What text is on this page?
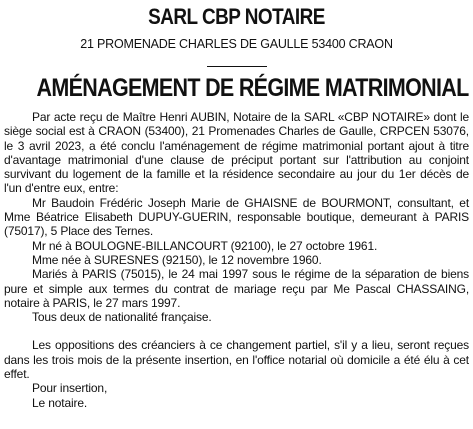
SARL CBP NOTAIRE
21 PROMENADE CHARLES DE GAULLE 53400 CRAON
AMÉNAGEMENT DE RÉGIME MATRIMONIAL

Par acte reçu de Maître Henri AUBIN, Notaire de la SARL «CBP NOTAIRE» dont le siège social est à CRAON (53400), 21 Promenades Charles de Gaulle, CRPCEN 53076, le 3 avril 2023, a été conclu l'aménagement de régime matrimonial portant ajout à titre d'avantage matrimonial d'une clause de préciput portant sur l'attribution au conjoint survivant du logement de la famille et la résidence secondaire au jour du 1er décès de l'un d'entre eux, entre:

Mr Baudoin Frédéric Joseph Marie de GHAISNE de BOURMONT, consultant, et Mme Béatrice Elisabeth DUPUY-GUERIN, responsable boutique, demeurant à PARIS (75017), 5 Place des Ternes.

Mr né à BOULOGNE-BILLANCOURT (92100), le 27 octobre 1961.

Mme née à SURESNES (92150), le 12 novembre 1960.

Mariés à PARIS (75015), le 24 mai 1997 sous le régime de la séparation de biens pure et simple aux termes du contrat de mariage reçu par Me Pascal CHASSAING, notaire à PARIS, le 27 mars 1997.

Tous deux de nationalité française.

Les oppositions des créanciers à ce changement partiel, s'il y a lieu, seront reçues dans les trois mois de la présente insertion, en l'office notarial où domicile a été élu à cet effet.

Pour insertion,

Le notaire.
